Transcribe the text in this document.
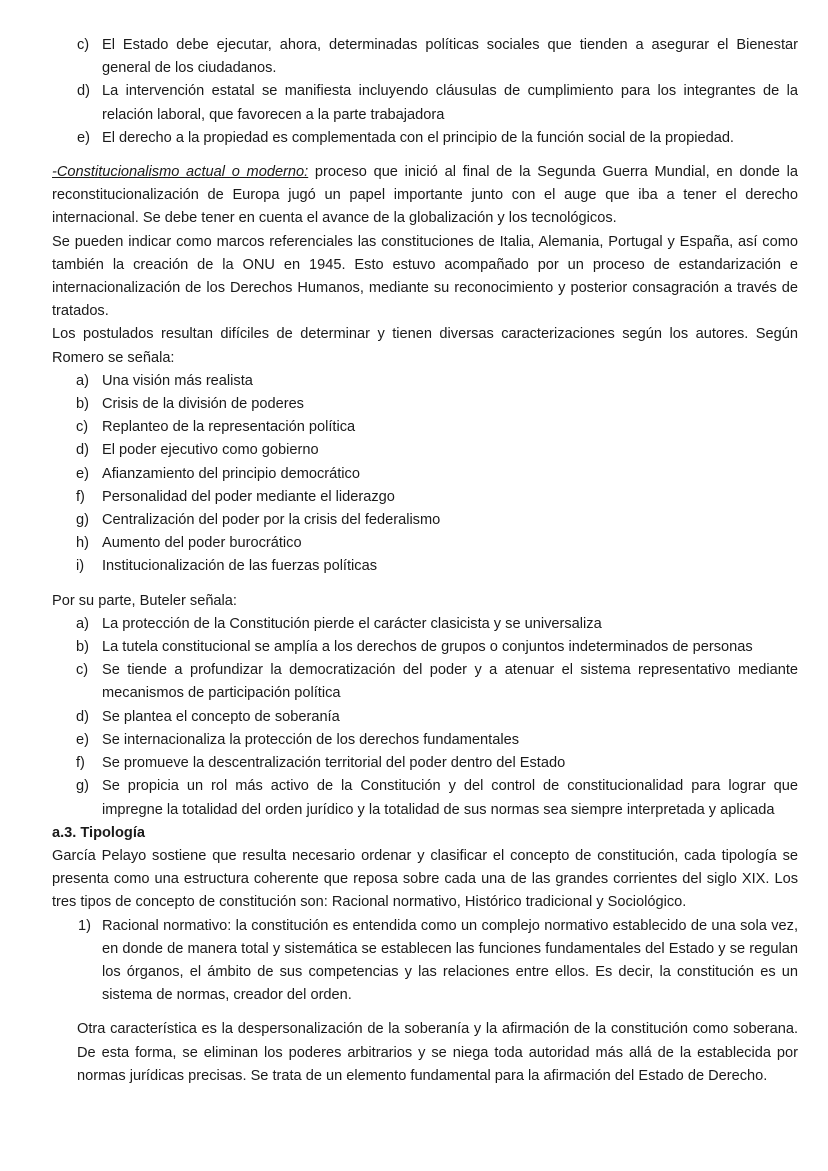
c) El Estado debe ejecutar, ahora, determinadas políticas sociales que tienden a asegurar el Bienestar general de los ciudadanos.
d) La intervención estatal se manifiesta incluyendo cláusulas de cumplimiento para los integrantes de la relación laboral, que favorecen a la parte trabajadora
e) El derecho a la propiedad es complementada con el principio de la función social de la propiedad.

-Constitucionalismo actual o moderno: proceso que inició al final de la Segunda Guerra Mundial, en donde la reconstitucionalización de Europa jugó un papel importante junto con el auge que iba a tener el derecho internacional. Se debe tener en cuenta el avance de la globalización y los tecnológicos.

Se pueden indicar como marcos referenciales las constituciones de Italia, Alemania, Portugal y España, así como también la creación de la ONU en 1945. Esto estuvo acompañado por un proceso de estandarización e internacionalización de los Derechos Humanos, mediante su reconocimiento y posterior consagración a través de tratados.

Los postulados resultan difíciles de determinar y tienen diversas caracterizaciones según los autores. Según Romero se señala:

a) Una visión más realista
b) Crisis de la división de poderes
c) Replanteo de la representación política
d) El poder ejecutivo como gobierno
e) Afianzamiento del principio democrático
f) Personalidad del poder mediante el liderazgo
g) Centralización del poder por la crisis del federalismo
h) Aumento del poder burocrático
i) Institucionalización de las fuerzas políticas

Por su parte, Buteler señala:

a) La protección de la Constitución pierde el carácter clasicista y se universaliza
b) La tutela constitucional se amplía a los derechos de grupos o conjuntos indeterminados de personas
c) Se tiende a profundizar la democratización del poder y a atenuar el sistema representativo mediante mecanismos de participación política
d) Se plantea el concepto de soberanía
e) Se internacionaliza la protección de los derechos fundamentales
f) Se promueve la descentralización territorial del poder dentro del Estado
g) Se propicia un rol más activo de la Constitución y del control de constitucionalidad para lograr que impregne la totalidad del orden jurídico y la totalidad de sus normas sea siempre interpretada y aplicada

a.3. Tipología

García Pelayo sostiene que resulta necesario ordenar y clasificar el concepto de constitución, cada tipología se presenta como una estructura coherente que reposa sobre cada una de las grandes corrientes del siglo XIX. Los tres tipos de concepto de constitución son: Racional normativo, Histórico tradicional y Sociológico.

1) Racional normativo: la constitución es entendida como un complejo normativo establecido de una sola vez, en donde de manera total y sistemática se establecen las funciones fundamentales del Estado y se regulan los órganos, el ámbito de sus competencias y las relaciones entre ellos. Es decir, la constitución es un sistema de normas, creador del orden.

Otra característica es la despersonalización de la soberanía y la afirmación de la constitución como soberana. De esta forma, se eliminan los poderes arbitrarios y se niega toda autoridad más allá de la establecida por normas jurídicas precisas. Se trata de un elemento fundamental para la afirmación del Estado de Derecho.
